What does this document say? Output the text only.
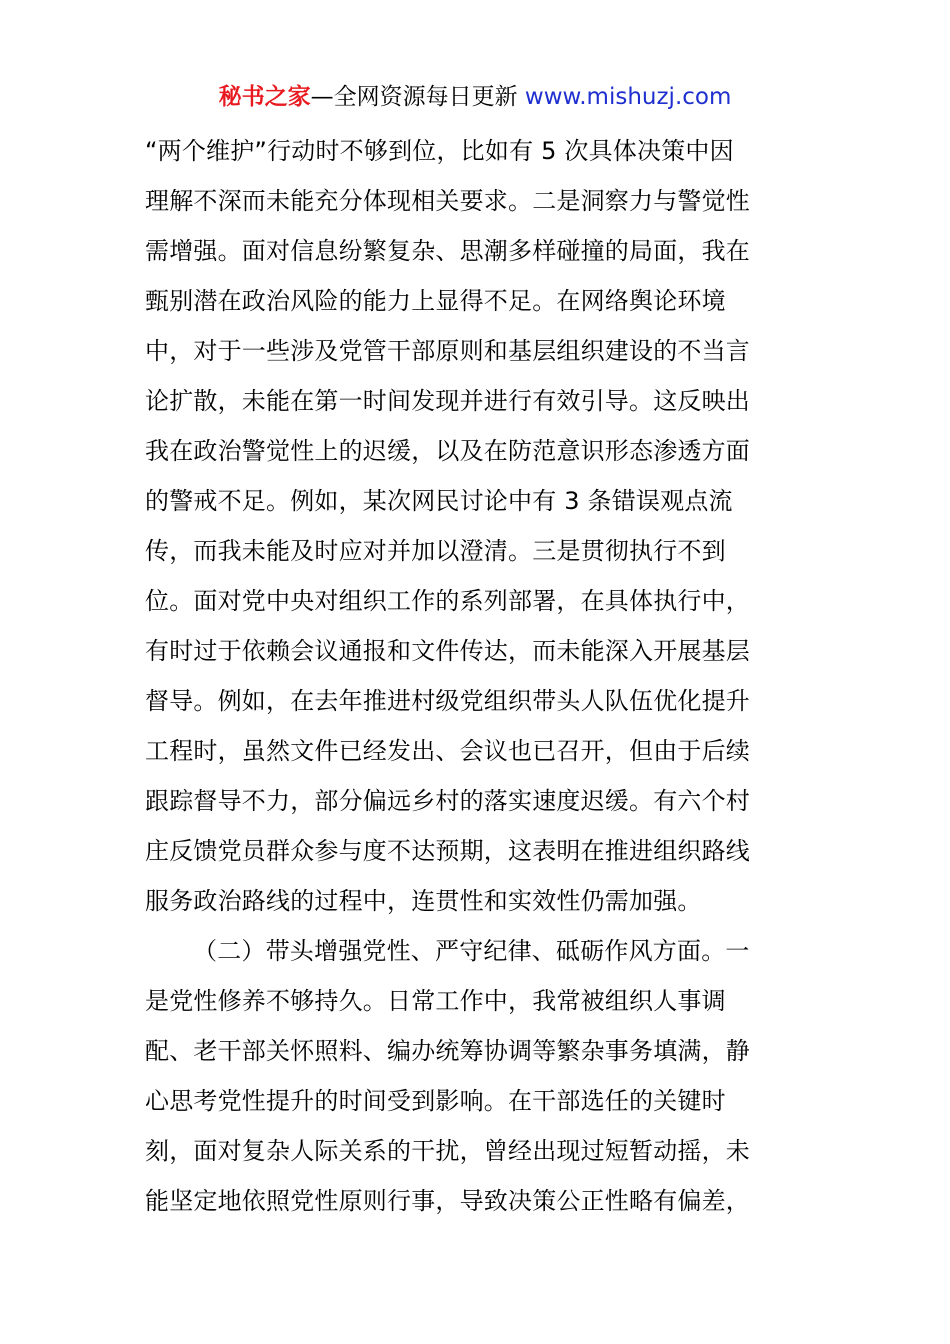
秘书之家—全网资源每日更新 www.mishuzj.com
“两个维护”行动时不够到位，比如有 5 次具体决策中因
理解不深而未能充分体现相关要求。二是洞察力与警觉性
需增强。面对信息纷繁复杂、思潮多样碰撞的局面，我在
甄别潜在政治风险的能力上显得不足。在网络舆论环境
中，对于一些涉及党管干部原则和基层组织建设的不当言
论扩散，未能在第一时间发现并进行有效引导。这反映出
我在政治警觉性上的迟缓，以及在防范意识形态渗透方面
的警戒不足。例如，某次网民讨论中有 3 条错误观点流
传，而我未能及时应对并加以澄清。三是贯彻执行不到
位。面对党中央对组织工作的系列部署，在具体执行中，
有时过于依赖会议通报和文件传达，而未能深入开展基层
督导。例如，在去年推进村级党组织带头人队伍优化提升
工程时，虽然文件已经发出、会议也已召开，但由于后续
跟踪督导不力，部分偏远乡村的落实速度迟缓。有六个村
庄反馈党员群众参与度不达预期，这表明在推进组织路线
服务政治路线的过程中，连贯性和实效性仍需加强。
（二）带头增强党性、严守纪律、砥砺作风方面。一
是党性修养不够持久。日常工作中，我常被组织人事调
配、老干部关怀照料、编办统筹协调等繁杂事务填满，静
心思考党性提升的时间受到影响。在干部选任的关键时
刻，面对复杂人际关系的干扰，曾经出现过短暂动摇，未
能坚定地依照党性原则行事，导致决策公正性略有偏差，
